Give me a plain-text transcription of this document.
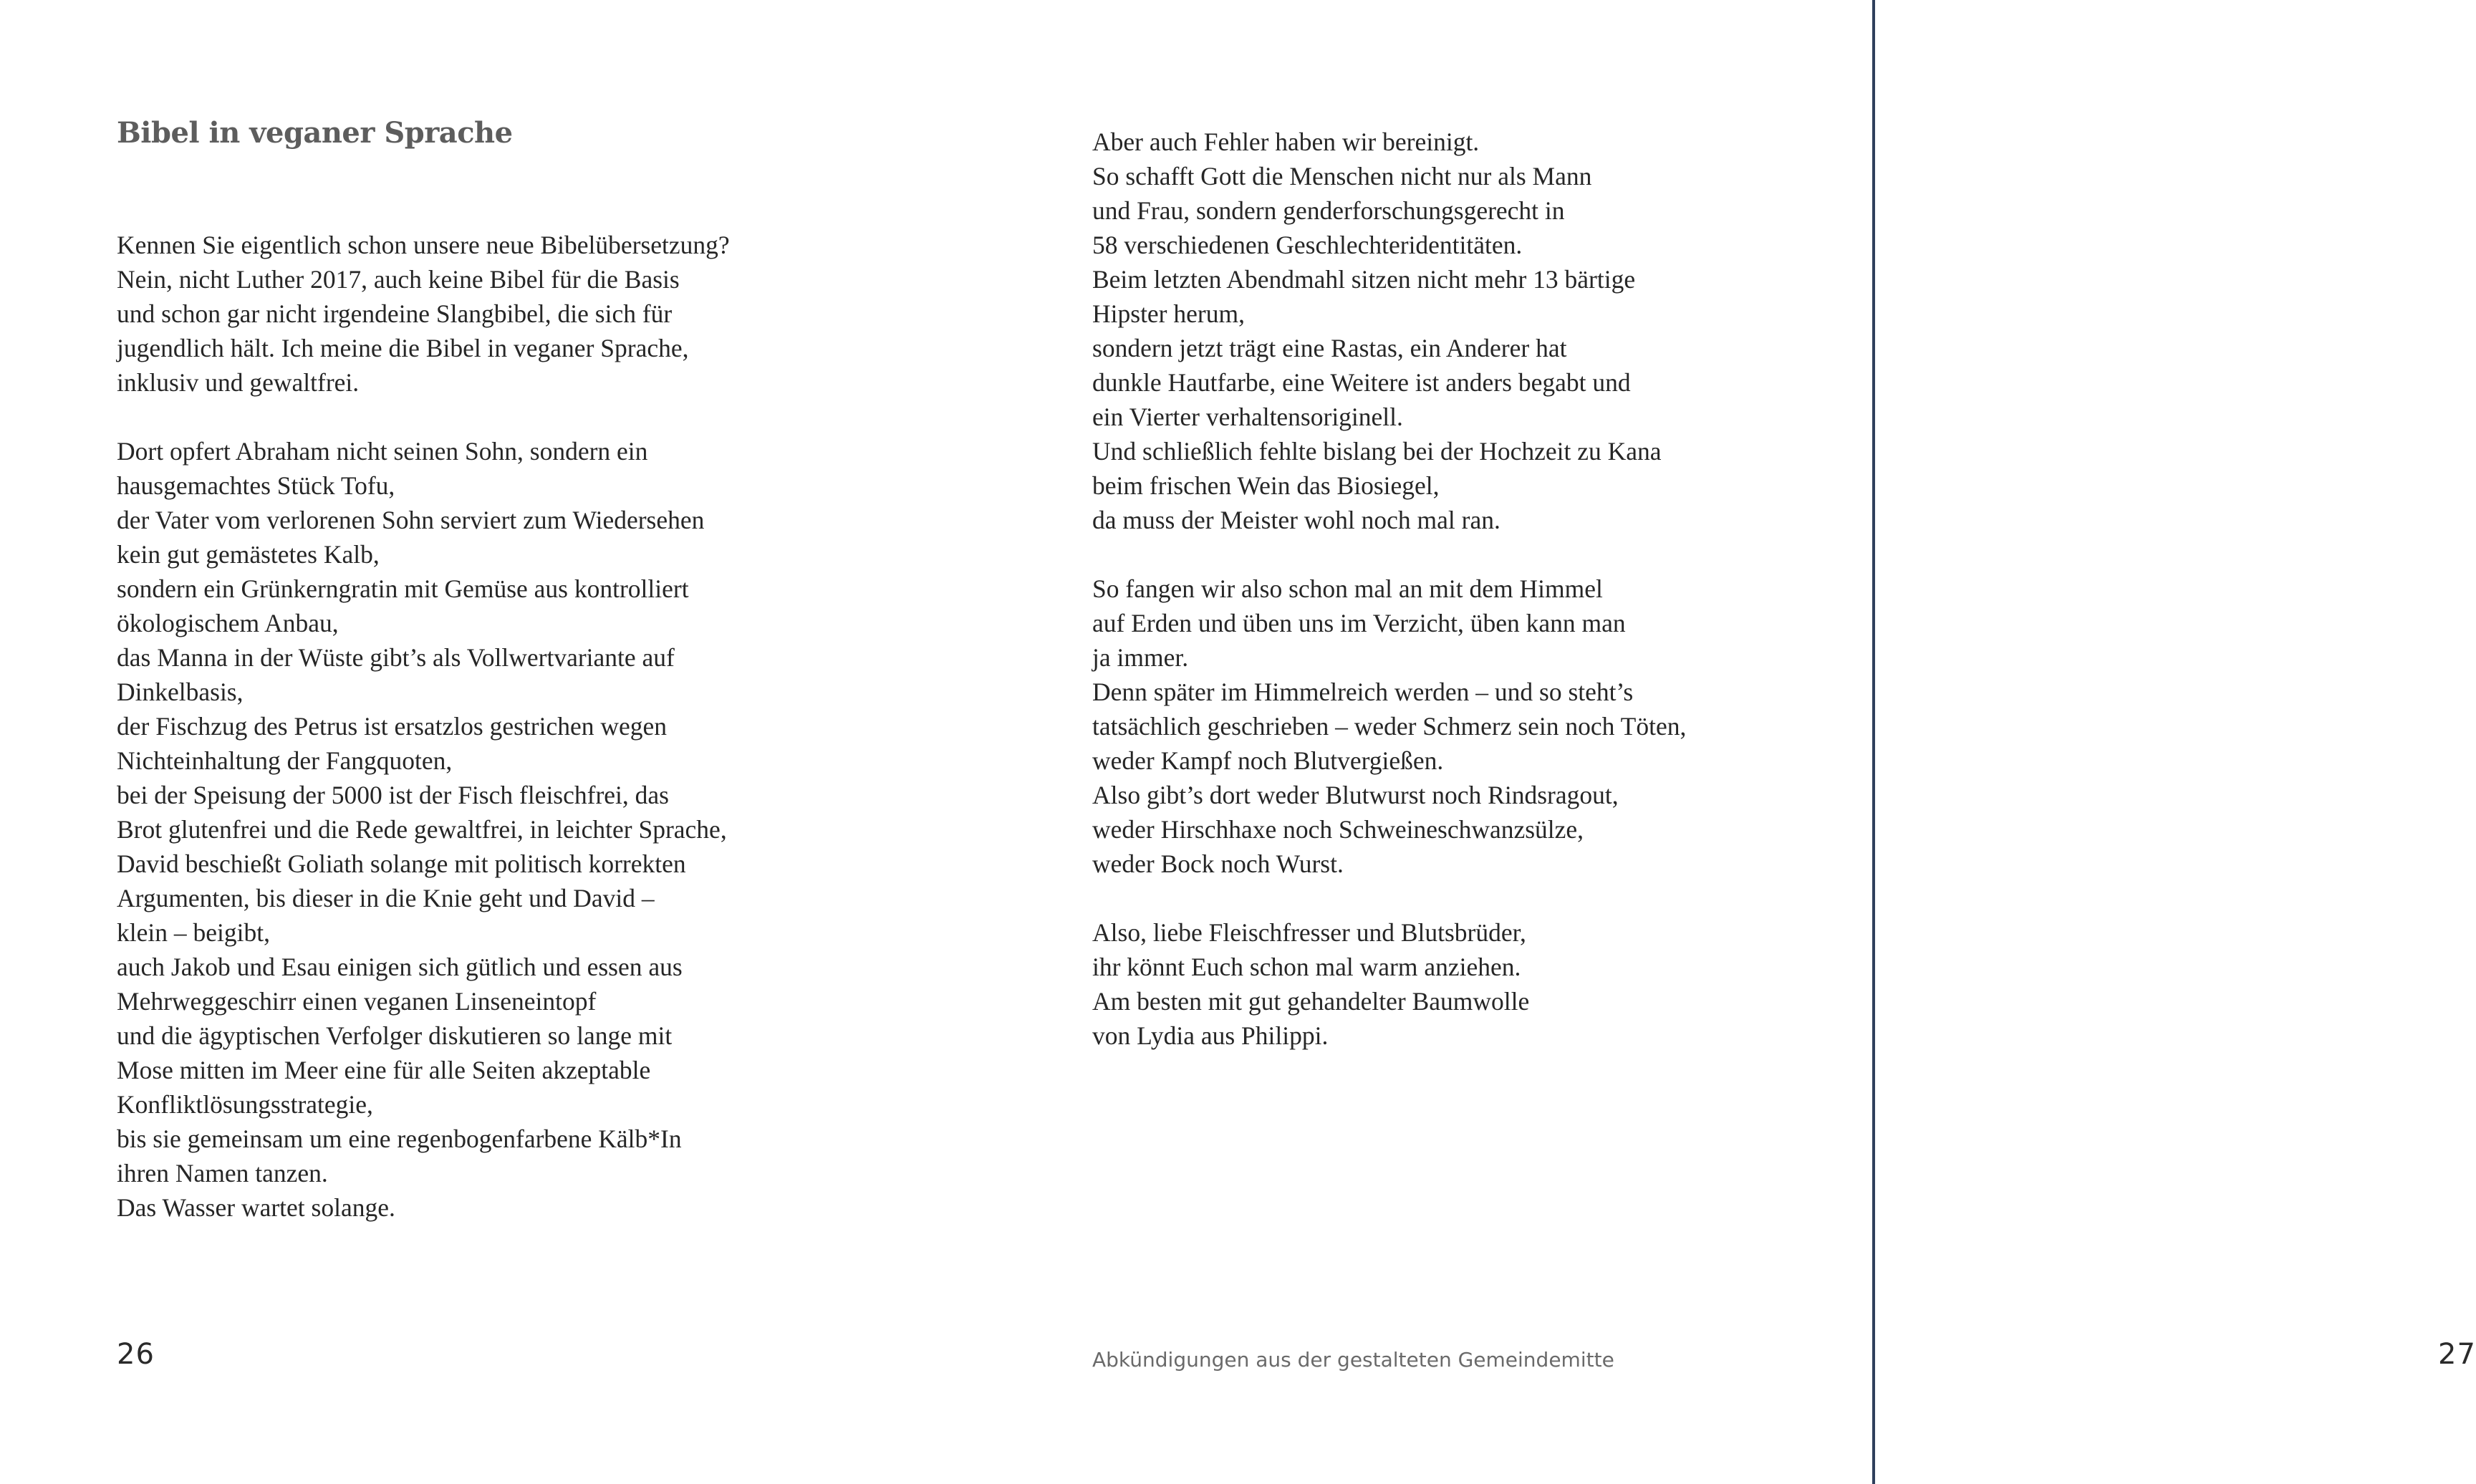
Bibel in veganer Sprache
Kennen Sie eigentlich schon unsere neue Bibelübersetzung?
Nein, nicht Luther 2017, auch keine Bibel für die Basis
und schon gar nicht irgendeine Slangbibel, die sich für
jugendlich hält. Ich meine die Bibel in veganer Sprache,
inklusiv und gewaltfrei.
Dort opfert Abraham nicht seinen Sohn, sondern ein
hausgemachtes Stück Tofu,
der Vater vom verlorenen Sohn serviert zum Wiedersehen
kein gut gemästetes Kalb,
sondern ein Grünkerngratin mit Gemüse aus kontrolliert
ökologischem Anbau,
das Manna in der Wüste gibt’s als Vollwertvariante auf
Dinkelbasis,
der Fischzug des Petrus ist ersatzlos gestrichen wegen
Nichteinhaltung der Fangquoten,
bei der Speisung der 5000 ist der Fisch fleischfrei, das
Brot glutenfrei und die Rede gewaltfrei, in leichter Sprache,
David beschießt Goliath solange mit politisch korrekten
Argumenten, bis dieser in die Knie geht und David –
klein – beigibt,
auch Jakob und Esau einigen sich gütlich und essen aus
Mehrweggeschirr einen veganen Linseneintopf
und die ägyptischen Verfolger diskutieren so lange mit
Mose mitten im Meer eine für alle Seiten akzeptable
Konfliktlösungsstrategie,
bis sie gemeinsam um eine regenbogenfarbene Kälb*In
ihren Namen tanzen.
Das Wasser wartet solange.
26
Aber auch Fehler haben wir bereinigt.
So schafft Gott die Menschen nicht nur als Mann
und Frau, sondern genderforschungsgerecht in
58 verschiedenen Geschlechteridentitäten.
Beim letzten Abendmahl sitzen nicht mehr 13 bärtige
Hipster herum,
sondern jetzt trägt eine Rastas, ein Anderer hat
dunkle Hautfarbe, eine Weitere ist anders begabt und
ein Vierter verhaltensoriginell.
Und schließlich fehlte bislang bei der Hochzeit zu Kana
beim frischen Wein das Biosiegel,
da muss der Meister wohl noch mal ran.
So fangen wir also schon mal an mit dem Himmel
auf Erden und üben uns im Verzicht, üben kann man
ja immer.
Denn später im Himmelreich werden – und so steht’s
tatsächlich geschrieben – weder Schmerz sein noch Töten,
weder Kampf noch Blutvergießen.
Also gibt’s dort weder Blutwurst noch Rindsragout,
weder Hirschhaxe noch Schweineschwanzsülze,
weder Bock noch Wurst.
Also, liebe Fleischfresser und Blutsbrüder,
ihr könnt Euch schon mal warm anziehen.
Am besten mit gut gehandelter Baumwolle
von Lydia aus Philippi.
Abkündigungen aus der gestalteten Gemeindemitte	27
